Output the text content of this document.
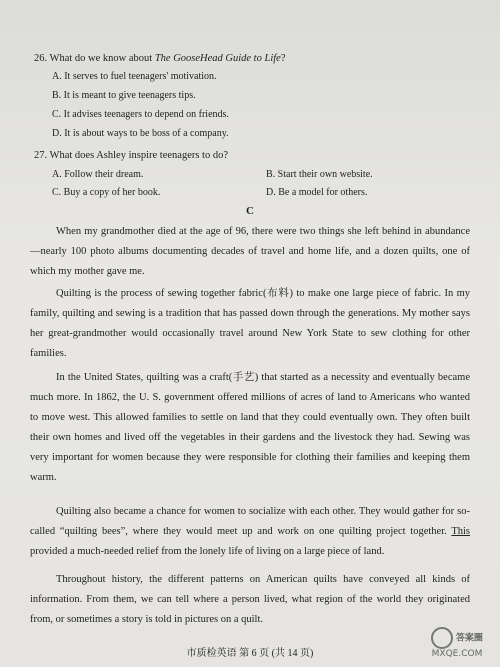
26. What do we know about The GooseHead Guide to Life?
A. It serves to fuel teenagers' motivation.
B. It is meant to give teenagers tips.
C. It advises teenagers to depend on friends.
D. It is about ways to be boss of a company.
27. What does Ashley inspire teenagers to do?
A. Follow their dream.	B. Start their own website.
C. Buy a copy of her book.	D. Be a model for others.
C
When my grandmother died at the age of 96, there were two things she left behind in abundance—nearly 100 photo albums documenting decades of travel and home life, and a dozen quilts, one of which my mother gave me.
Quilting is the process of sewing together fabric(布料) to make one large piece of fabric. In my family, quilting and sewing is a tradition that has passed down through the generations. My mother says her great-grandmother would occasionally travel around New York State to sew clothing for other families.
In the United States, quilting was a craft(手艺) that started as a necessity and eventually became much more. In 1862, the U. S. government offered millions of acres of land to Americans who wanted to move west. This allowed families to settle on land that they could eventually own. They often built their own homes and lived off the vegetables in their gardens and the livestock they had. Sewing was very important for women because they were responsible for clothing their families and keeping them warm.
Quilting also became a chance for women to socialize with each other. They would gather for so-called “quilting bees”, where they would meet up and work on one quilting project together. This provided a much-needed relief from the lonely life of living on a large piece of land.
Throughout history, the different patterns on American quilts have conveyed all kinds of information. From them, we can tell where a person lived, what region of the world they originated from, or sometimes a story is told in pictures on a quilt.
市质检英语 第 6 页 (共 14 页)
答案圈
MXQE.COM
